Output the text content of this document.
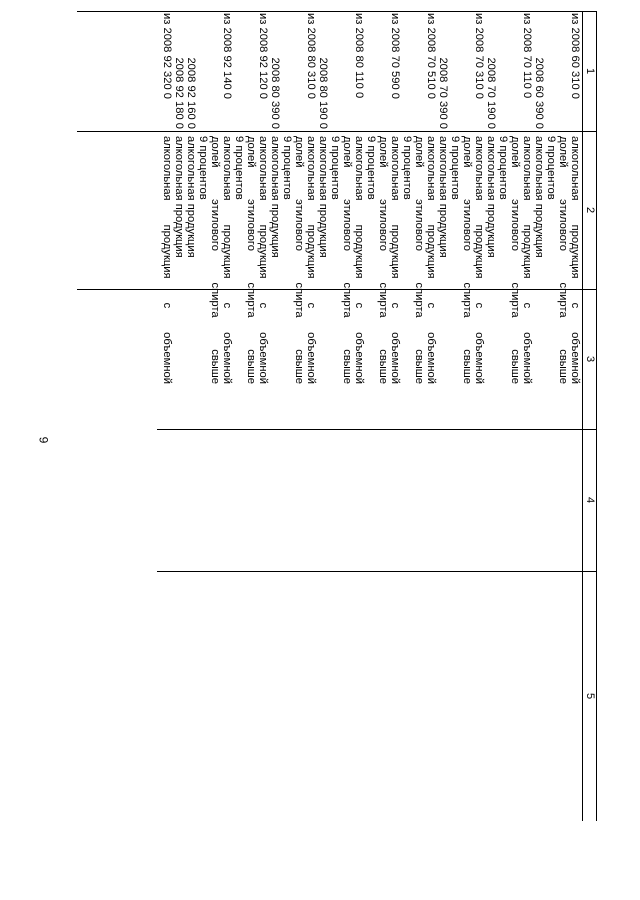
6
1
2
3
4
5
из 2008 60 310 0
2008 60 390 0
из 2008 70 110 0
2008 70 190 0
из 2008 70 310 0
2008 70 390 0
из 2008 70 510 0
из 2008 70 590 0
из 2008 80 110 0
2008 80 190 0
из 2008 80 310 0
2008 80 390 0
из 2008 92 120 0
из 2008 92 140 0
2008 92 160 0
2008 92 180 0
из 2008 92 320 0
алкогольная
продукция
с
объемной
долей
этилового
спирта
свыше
9 процентов
алкогольная продукция
алкогольная
продукция
с
объемной
долей
этилового
спирта
свыше
9 процентов
алкогольная продукция
алкогольная
продукция
с
объемной
долей
этилового
спирта
свыше
9 процентов
алкогольная продукция
алкогольная
продукция
с
объемной
долей
этилового
спирта
свыше
9 процентов
алкогольная
продукция
с
объемной
долей
этилового
спирта
свыше
9 процентов
алкогольная
продукция
с
объемной
долей
этилового
спирта
свыше
9 процентов
алкогольная продукция
алкогольная
продукция
с
объемной
долей
этилового
спирта
свыше
9 процентов
алкогольная продукция
алкогольная
продукция
с
объемной
долей
этилового
спирта
свыше
9 процентов
алкогольная
продукция
с
объемной
долей
этилового
спирта
свыше
9 процентов
алкогольная продукция
алкогольная продукция
алкогольная
продукция
с
объемной
